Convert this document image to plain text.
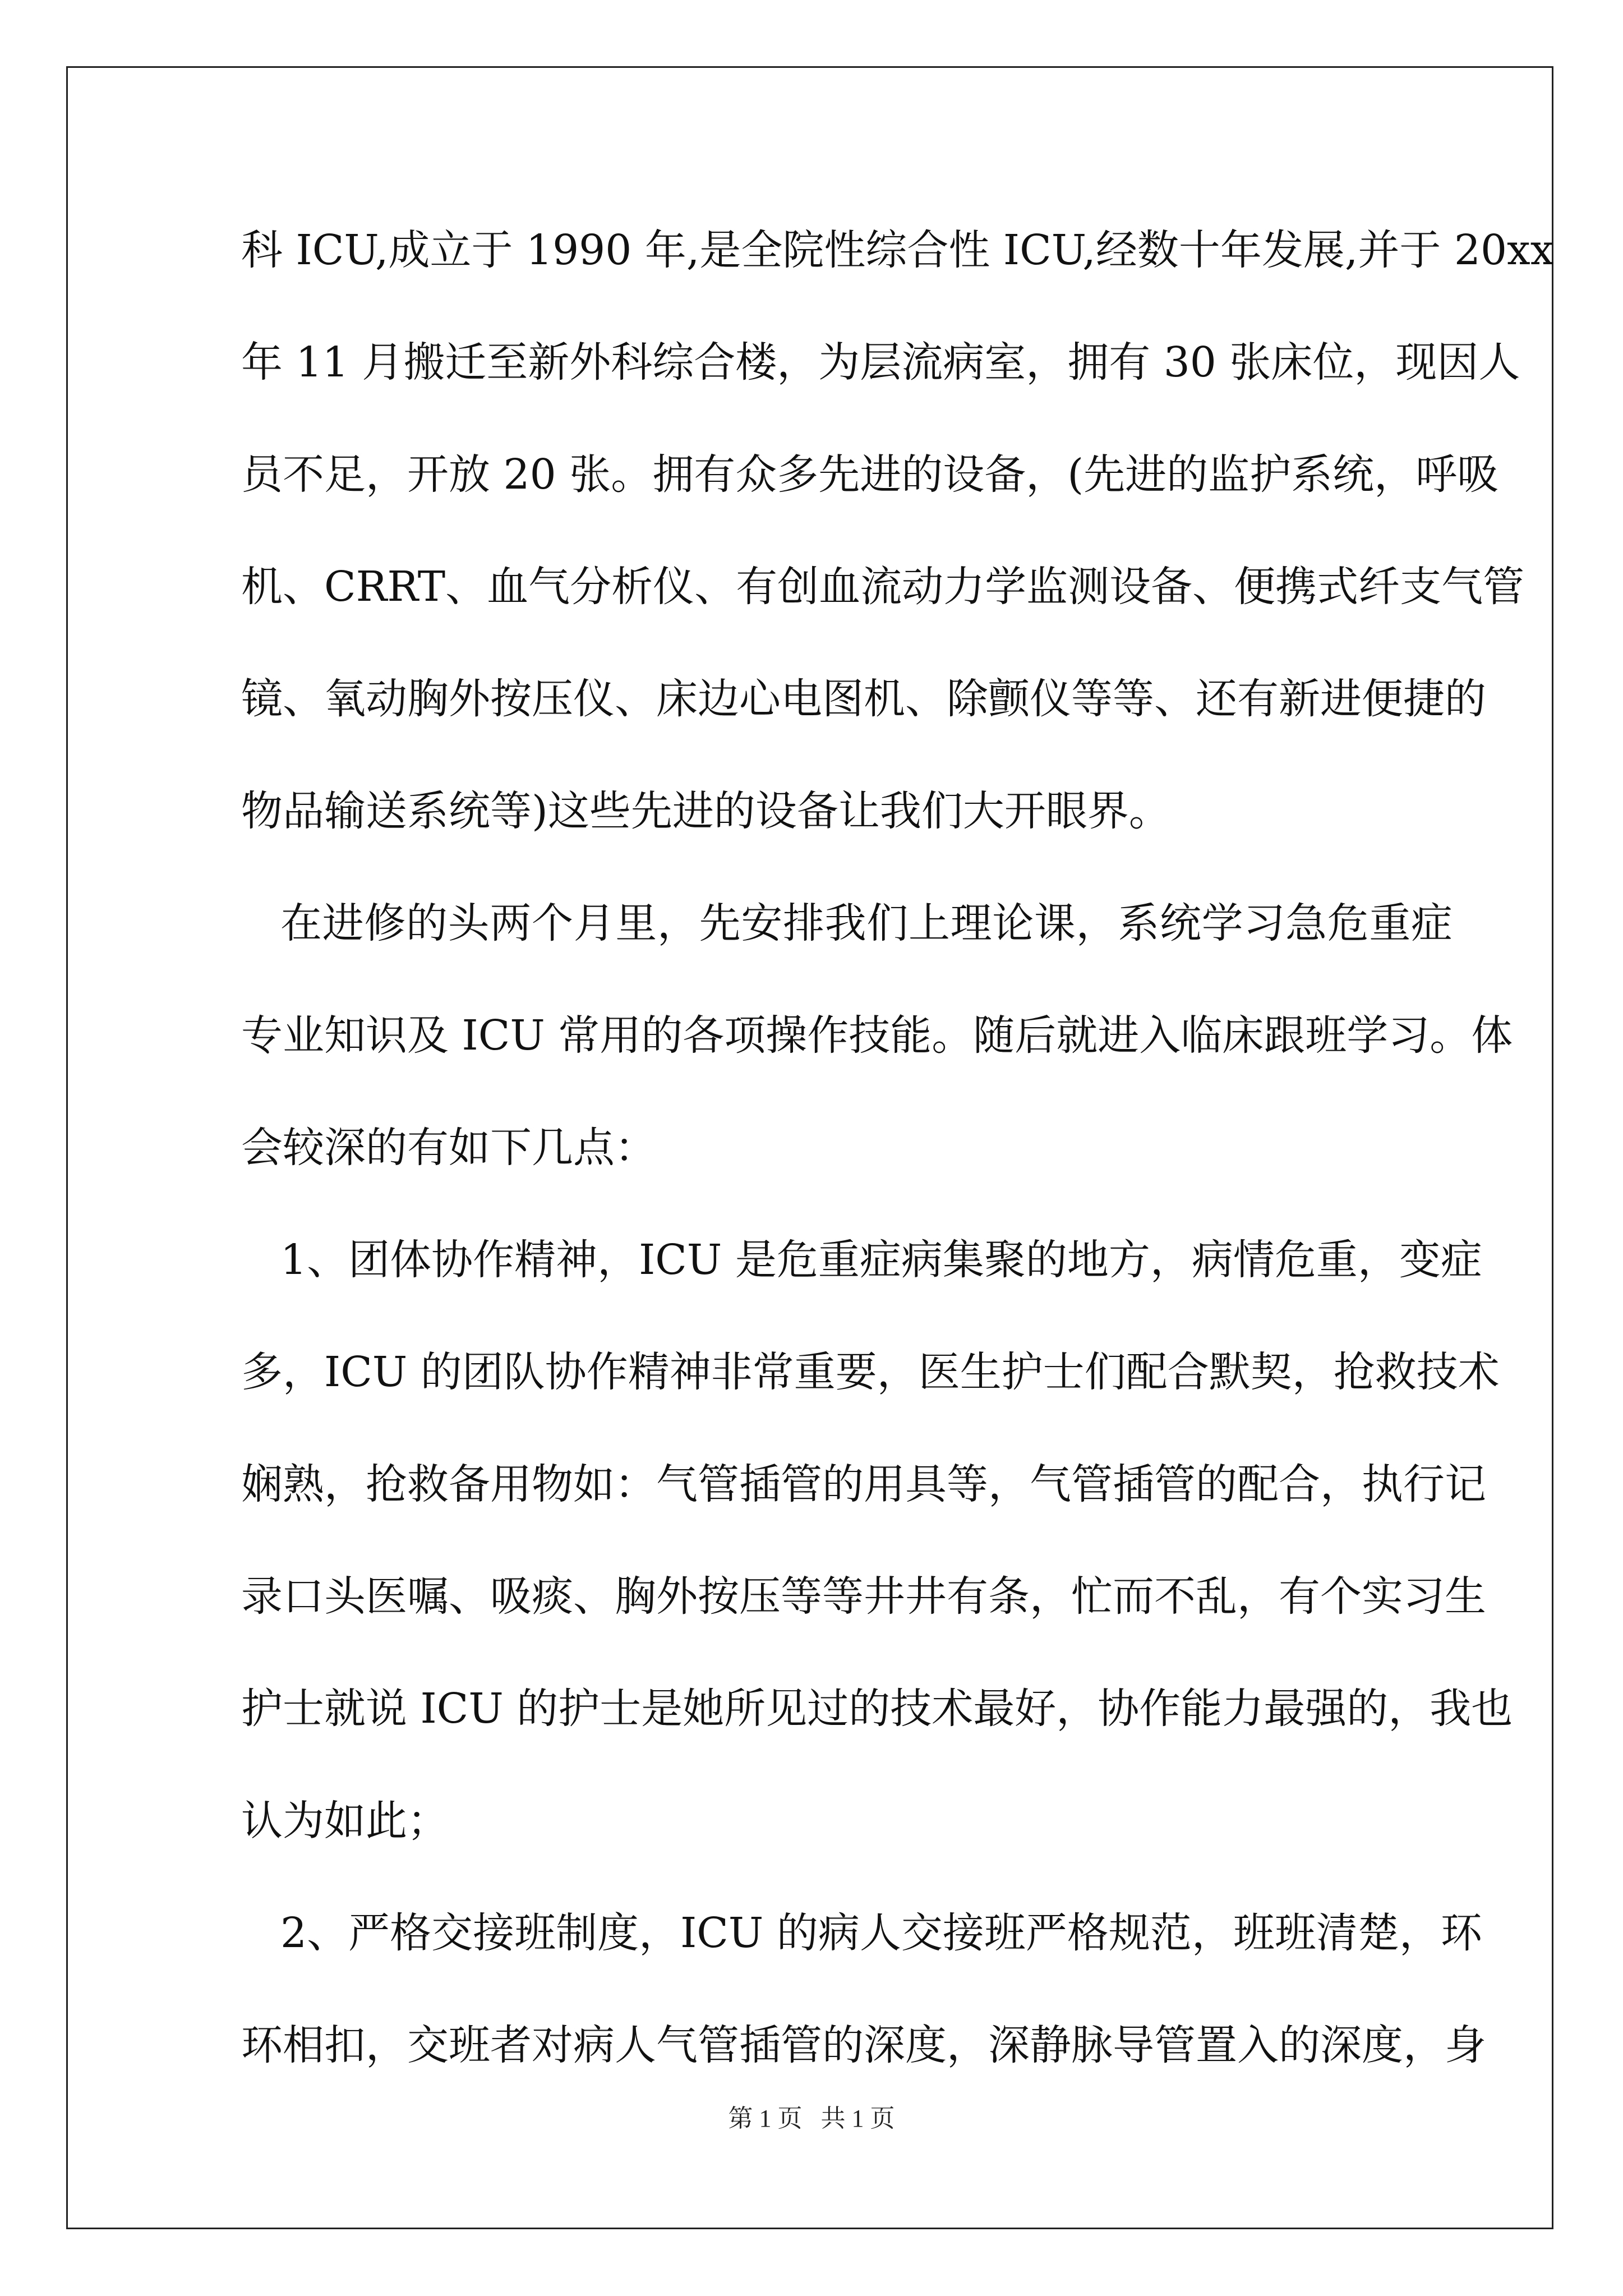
科 ICU,成立于 1990 年,是全院性综合性 ICU,经数十年发展,并于 20xx
年 11 月搬迁至新外科综合楼，为层流病室，拥有 30 张床位，现因人
员不足，开放 20 张。拥有众多先进的设备，(先进的监护系统，呼吸
机、CRRT、血气分析仪、有创血流动力学监测设备、便携式纤支气管
镜、氧动胸外按压仪、床边心电图机、除颤仪等等、还有新进便捷的
物品输送系统等)这些先进的设备让我们大开眼界。
在进修的头两个月里，先安排我们上理论课，系统学习急危重症
专业知识及 ICU 常用的各项操作技能。随后就进入临床跟班学习。体
会较深的有如下几点：
1、团体协作精神，ICU 是危重症病集聚的地方，病情危重，变症
多，ICU 的团队协作精神非常重要，医生护士们配合默契，抢救技术
娴熟，抢救备用物如：气管插管的用具等，气管插管的配合，执行记
录口头医嘱、吸痰、胸外按压等等井井有条，忙而不乱，有个实习生
护士就说 ICU 的护士是她所见过的技术最好，协作能力最强的，我也
认为如此；
2、严格交接班制度，ICU 的病人交接班严格规范，班班清楚，环
环相扣，交班者对病人气管插管的深度，深静脉导管置入的深度，身
第 1 页   共 1 页
